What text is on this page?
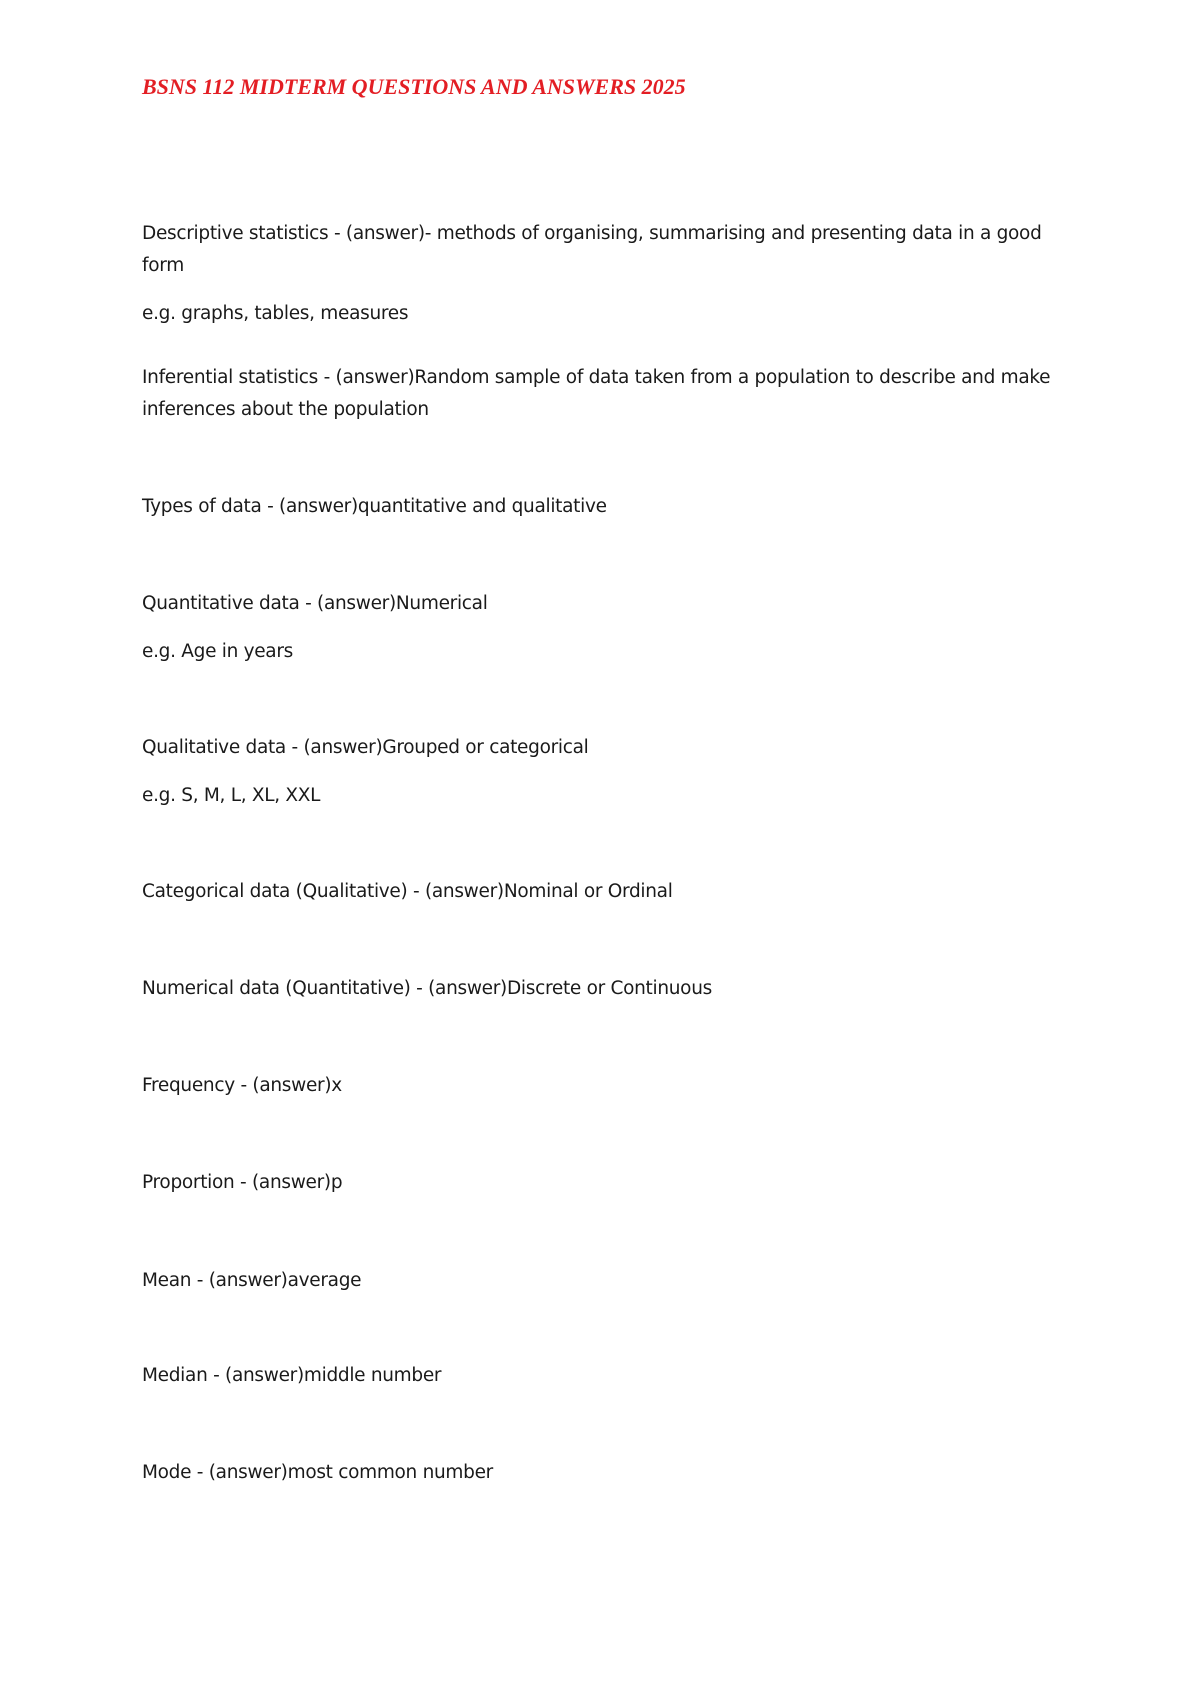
BSNS 112 MIDTERM QUESTIONS AND ANSWERS 2025

Descriptive statistics - (answer)- methods of organising, summarising and presenting data in a good form

e.g. graphs, tables, measures

Inferential statistics - (answer)Random sample of data taken from a population to describe and make inferences about the population

Types of data - (answer)quantitative and qualitative

Quantitative data - (answer)Numerical

e.g. Age in years

Qualitative data - (answer)Grouped or categorical

e.g. S, M, L, XL, XXL

Categorical data (Qualitative) - (answer)Nominal or Ordinal

Numerical data (Quantitative) - (answer)Discrete or Continuous

Frequency - (answer)x

Proportion - (answer)p

Mean - (answer)average

Median - (answer)middle number

Mode - (answer)most common number
